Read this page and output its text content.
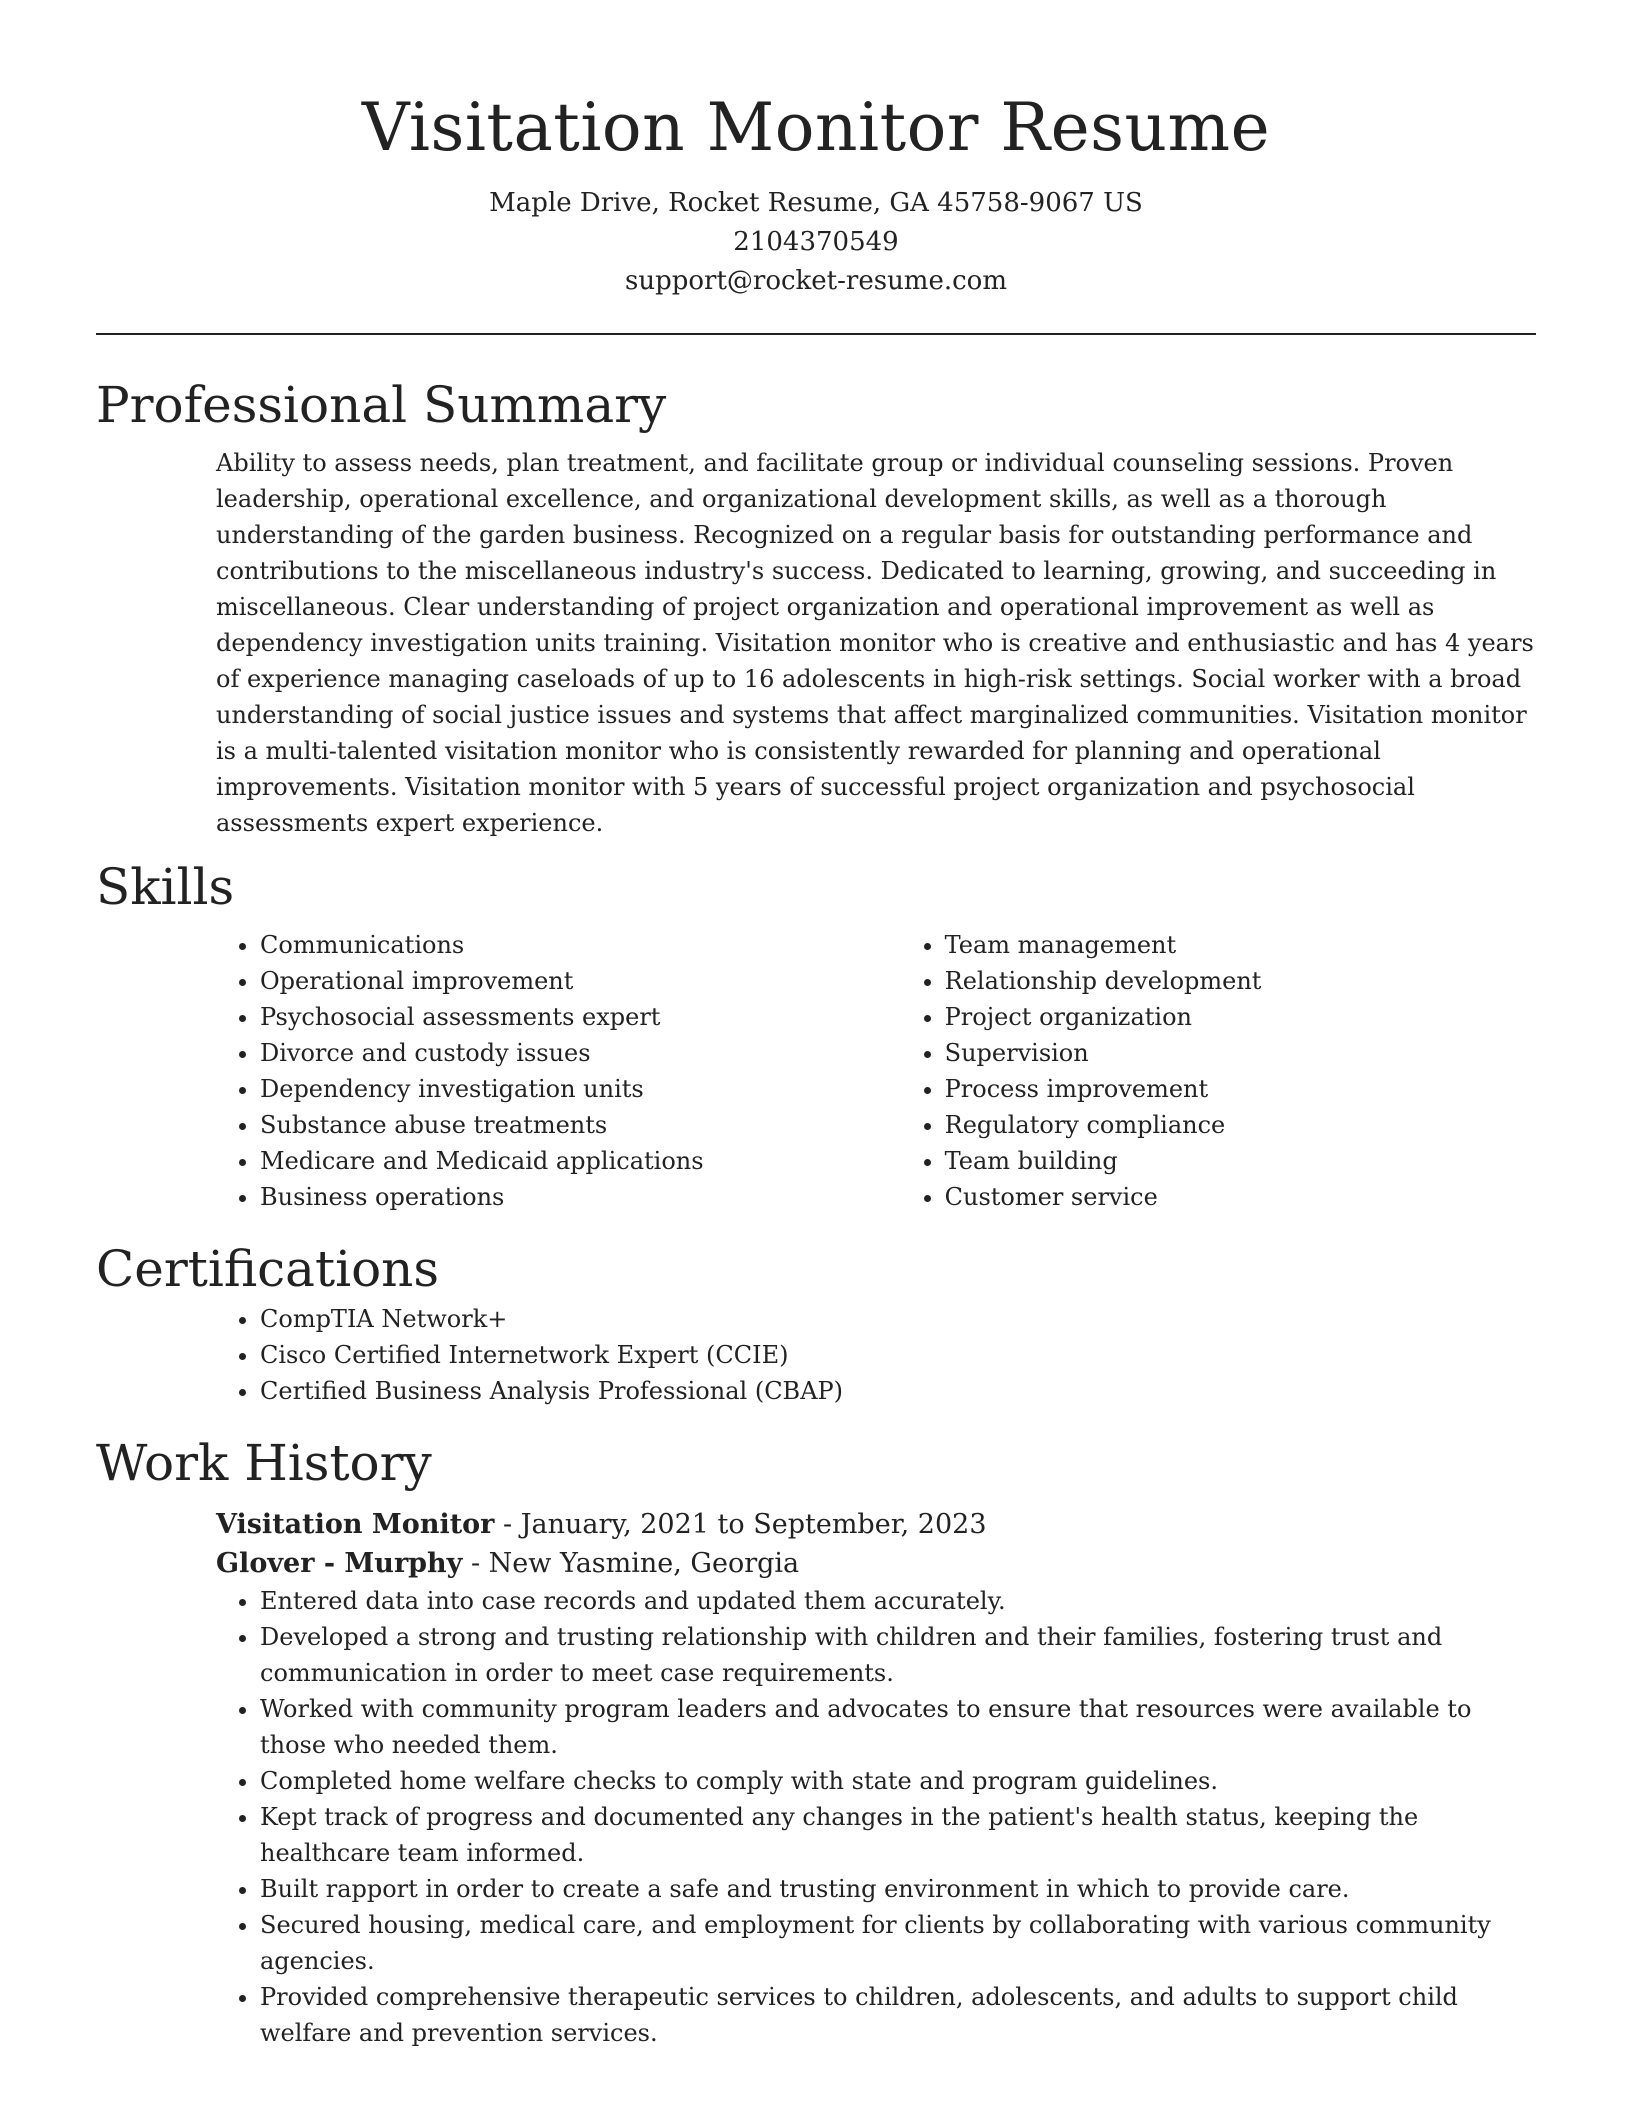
Visitation Monitor Resume
Maple Drive, Rocket Resume, GA 45758-9067 US
2104370549
support@rocket-resume.com
Professional Summary

Ability to assess needs, plan treatment, and facilitate group or individual counseling sessions. Proven leadership, operational excellence, and organizational development skills, as well as a thorough understanding of the garden business. Recognized on a regular basis for outstanding performance and contributions to the miscellaneous industry's success. Dedicated to learning, growing, and succeeding in miscellaneous. Clear understanding of project organization and operational improvement as well as dependency investigation units training. Visitation monitor who is creative and enthusiastic and has 4 years of experience managing caseloads of up to 16 adolescents in high-risk settings. Social worker with a broad understanding of social justice issues and systems that affect marginalized communities. Visitation monitor is a multi-talented visitation monitor who is consistently rewarded for planning and operational improvements. Visitation monitor with 5 years of successful project organization and psychosocial assessments expert experience.

Skills
• Communications
• Operational improvement
• Psychosocial assessments expert
• Divorce and custody issues
• Dependency investigation units
• Substance abuse treatments
• Medicare and Medicaid applications
• Business operations
• Team management
• Relationship development
• Project organization
• Supervision
• Process improvement
• Regulatory compliance
• Team building
• Customer service
Certifications
• CompTIA Network+
• Cisco Certified Internetwork Expert (CCIE)
• Certified Business Analysis Professional (CBAP)
Work History
Visitation Monitor - January, 2021 to September, 2023
Glover - Murphy - New Yasmine, Georgia
• Entered data into case records and updated them accurately.
• Developed a strong and trusting relationship with children and their families, fostering trust and communication in order to meet case requirements.
• Worked with community program leaders and advocates to ensure that resources were available to those who needed them.
• Completed home welfare checks to comply with state and program guidelines.
• Kept track of progress and documented any changes in the patient's health status, keeping the healthcare team informed.
• Built rapport in order to create a safe and trusting environment in which to provide care.
• Secured housing, medical care, and employment for clients by collaborating with various community agencies.
• Provided comprehensive therapeutic services to children, adolescents, and adults to support child welfare and prevention services.
